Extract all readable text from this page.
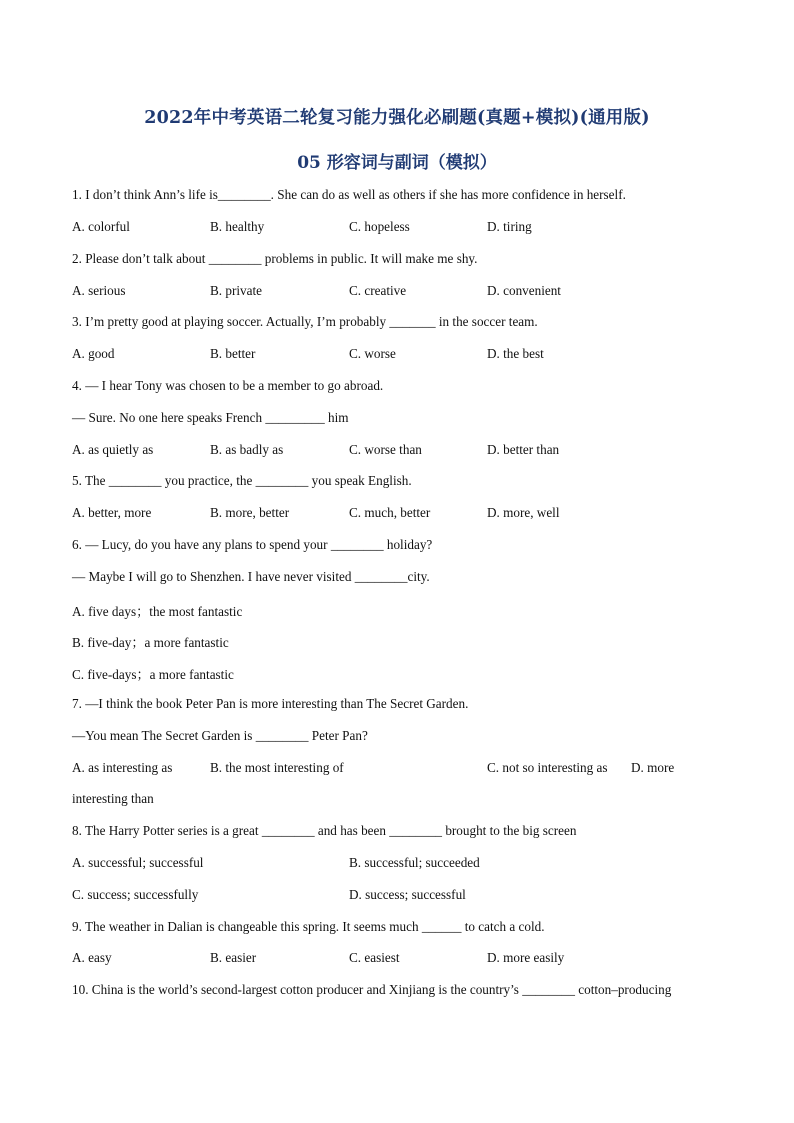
2022年中考英语二轮复习能力强化必刷题(真题+模拟)(通用版)
05 形容词与副词（模拟）
1. I don’t think Ann’s life is________. She can do as well as others if she has more confidence in herself.
A. colorful	B. healthy	C. hopeless	D. tiring
2. Please don’t talk about ________ problems in public. It will make me shy.
A. serious	B. private	C. creative	D. convenient
3. I’m pretty good at playing soccer. Actually, I’m probably _______ in the soccer team.
A. good	B. better	C. worse	D. the best
4. — I hear Tony was chosen to be a member to go abroad.
— Sure. No one here speaks French _________ him
A. as quietly as	B. as badly as	C. worse than	D. better than
5. The ________ you practice, the ________ you speak English.
A. better, more	B. more, better	C. much, better	D. more, well
6. — Lucy, do you have any plans to spend your ________ holiday?
— Maybe I will go to Shenzhen. I have never visited ________city.
A. five days；the most fantastic
B. five-day；a more fantastic
C. five-days；a more fantastic
7. —I think the book Peter Pan is more interesting than The Secret Garden.
—You mean The Secret Garden is ________ Peter Pan?
A. as interesting as	B. the most interesting of	C. not so interesting as D. more
interesting than
8. The Harry Potter series is a great ________ and has been ________ brought to the big screen
A. successful; successful	B. successful; succeeded
C. success; successfully	D. success; successful
9. The weather in Dalian is changeable this spring. It seems much ______ to catch a cold.
A. easy	B. easier	C. easiest	D. more easily
10. China is the world’s second-largest cotton producer and Xinjiang is the country’s ________ cotton–producing
